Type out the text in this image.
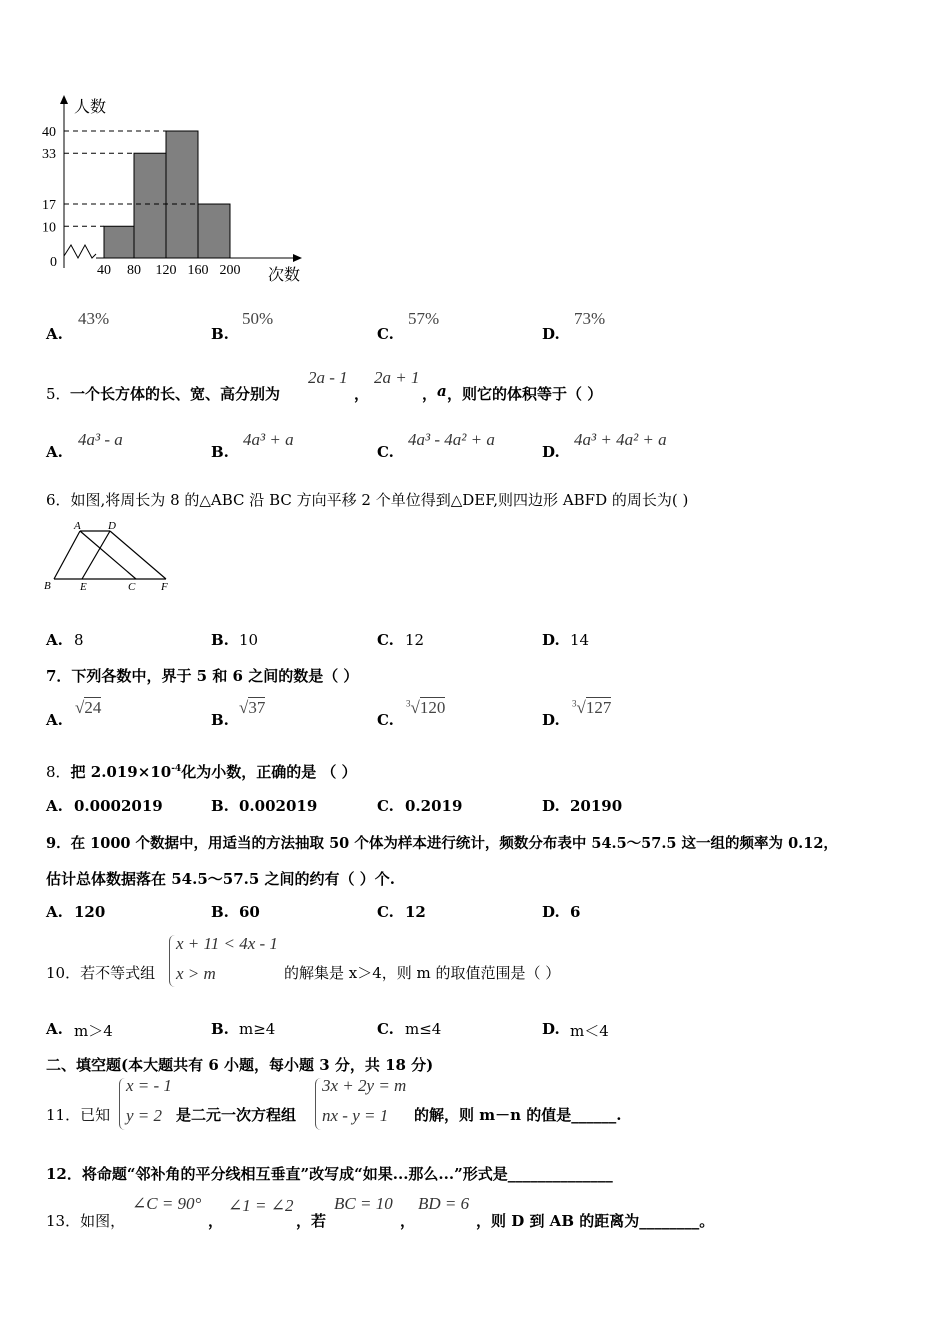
0
10
17
33
40
40 80 120 160 200
人数
次数
A.
43%
B.
50%
C.
57%
D.
73%
5． 一个长方体的长、宽、高分别为
2a - 1
，
2a + 1
， a ，则它的体积等于（ ）
A.
4a³ - a
B.
4a³ + a
C.
4a³ - 4a² + a
D.
4a³ + 4a² + a
6．如图,将周长为 8 的△ABC 沿 BC 方向平移 2 个单位得到△DEF,则四边形 ABFD 的周长为( )
A D
B	E	C F
A. 8	B. 10	C. 12	D. 14
7．下列各数中，界于 5 和 6 之间的数是（ ）
A.
√24
B.
√37
C.
$^3$√120
D.
$^3$√127
8．把 $2.019\times 10^{-4}$化为小数，正确的是 （ ）
A. 0.0002019	B. 0.002019	C. 0.2019	D. 20190
9．在 1000 个数据中，用适当的方法抽取 50 个体为样本进行统计，频数分布表中 54.5～57.5 这一组的频率为 0.12，
估计总体数据落在 54.5～57.5 之间的约有（ ）个.
A. 120	B. 60	C. 12	D. 6
10．若不等式组
x + 11 < 4x - 1
x > m	的解集是 x＞4，则 m 的取值范围是（ ）
A. m＞4	B. m≥4	C. m≤4	D. m＜4
二、填空题(本大题共有 6 小题，每小题 3 分，共 18 分)
11．已知
x = - 1
y = 2 是二元一次方程组
3x + 2y = m
nx - y = 1 的解，则 m－n 的值是______.
12．将命题“邻补角的平分线相互垂直”改写成“如果...那么...”形式是______________
13．如图，
∠C = 90°
，
∠1 = ∠2
，若
BC = 10
，
BD = 6
，则 D 到 AB 的距离为________。
